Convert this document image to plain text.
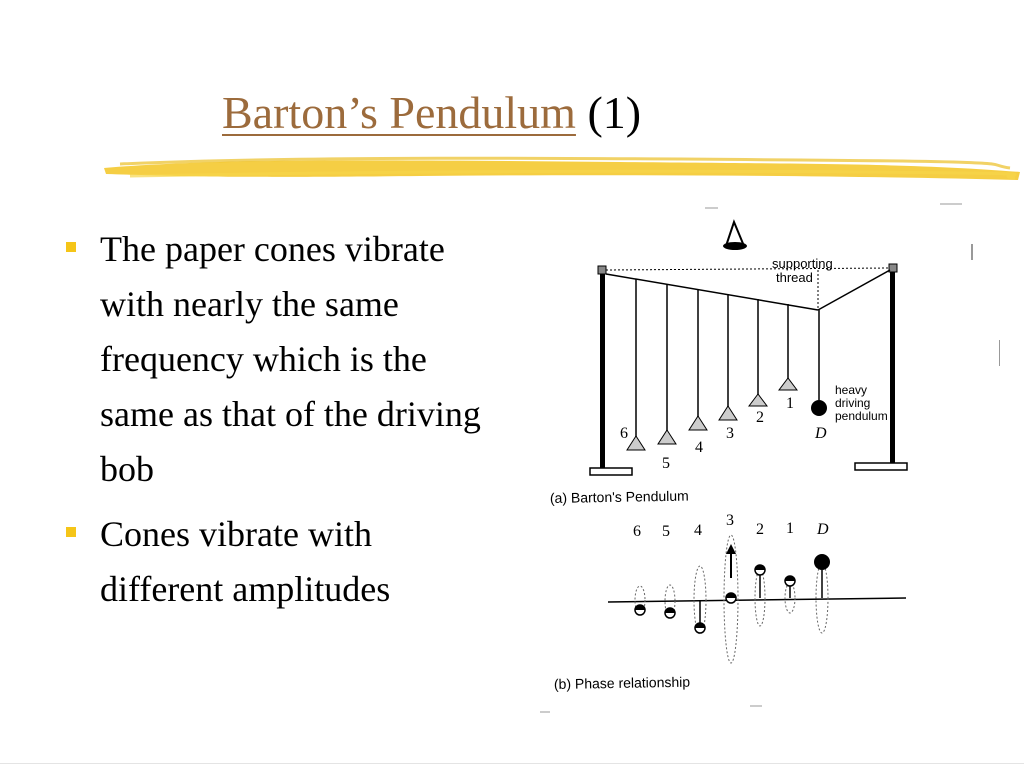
Barton’s Pendulum (1)
The paper cones vibrate with nearly the same frequency which is the same as that of the driving bob
Cones vibrate with different amplitudes
6
5
4
3
2
1
D
supporting
thread
heavy
driving
pendulum
(a) Barton's Pendulum
6 5 4
3
2 1 D
(b) Phase relationship
